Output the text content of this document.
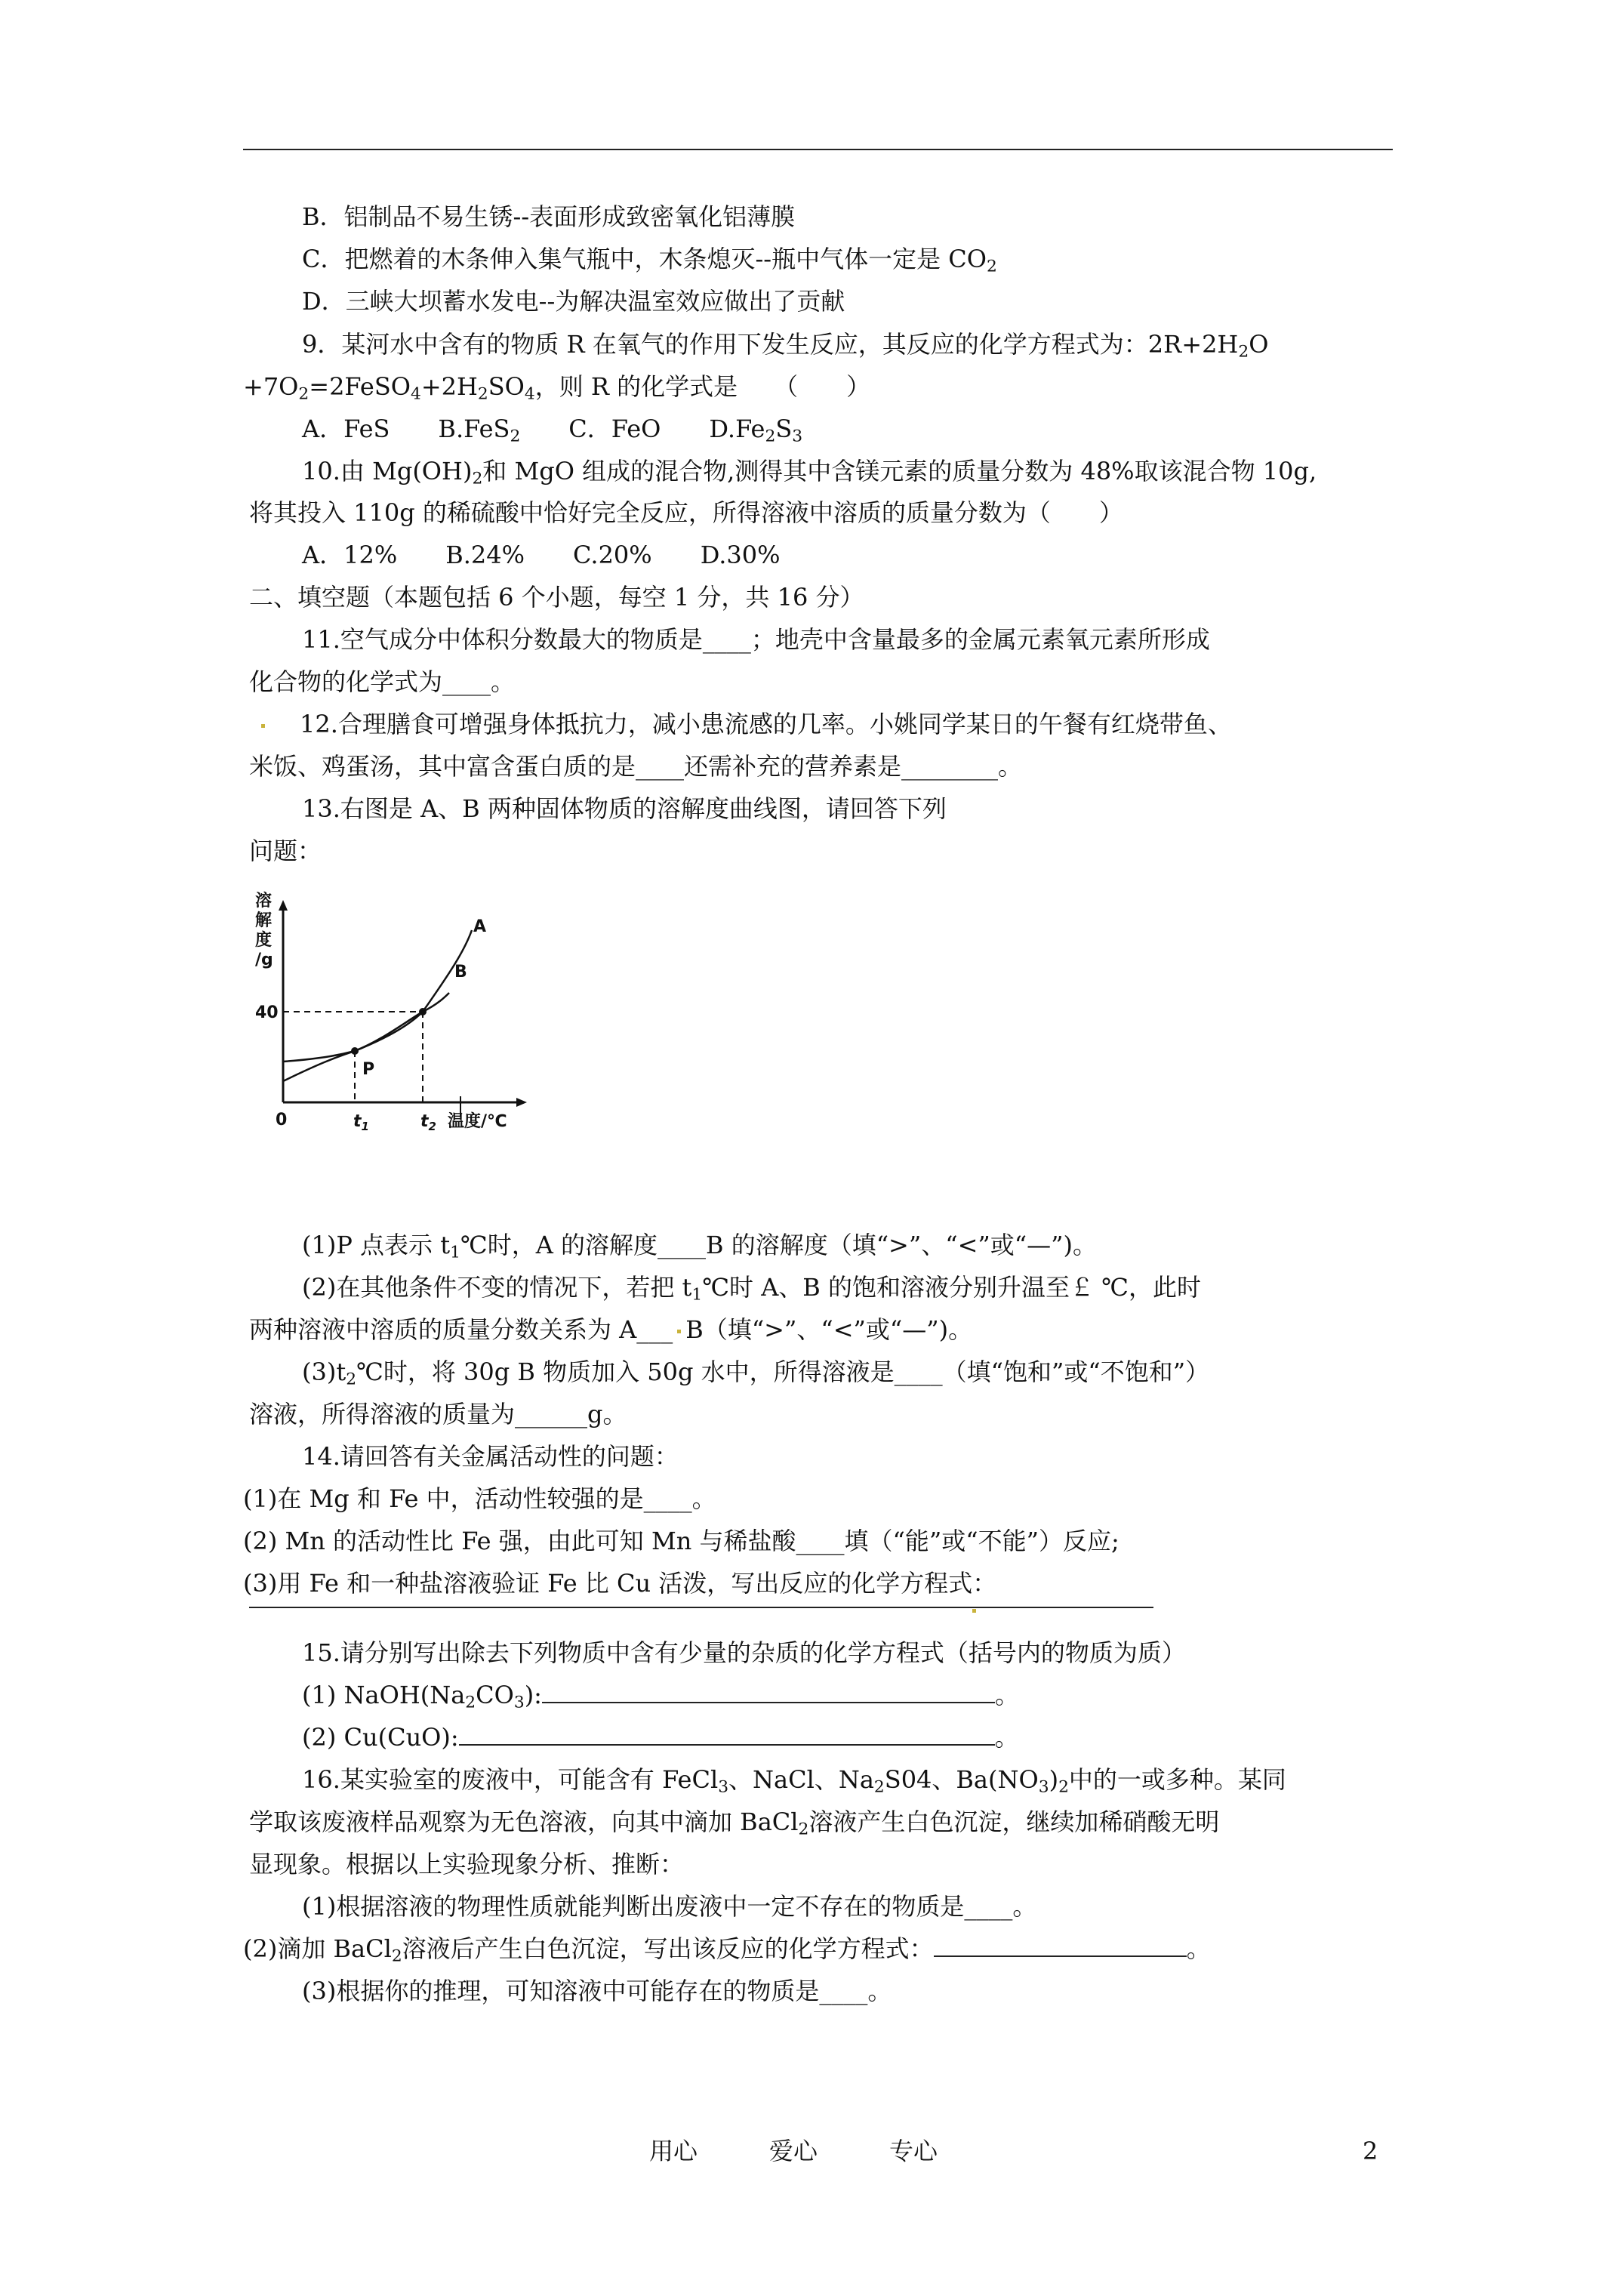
B．铝制品不易生锈--表面形成致密氧化铝薄膜
C．把燃着的木条伸入集气瓶中，木条熄灭--瓶中气体一定是 $CO_2$
D．三峡大坝蓄水发电--为解决温室效应做出了贡献
9．某河水中含有的物质 R 在氧气的作用下发生反应，其反应的化学方程式为：$2R+2H_2O$
$+7O_2=2FeSO_4+2H_2SO_4$，则 R 的化学式是　　（　　）
A．FeS　　B.FeS$_2$　　C．FeO　　$D.Fe_2S_3$
10.由 $Mg(OH)_2$和 MgO 组成的混合物,测得其中含镁元素的质量分数为 48%取该混合物 10g,
将其投入 110g 的稀硫酸中恰好完全反应，所得溶液中溶质的质量分数为（　　）
A．12%　　B.24%　　C.20%　　D.30%
二、填空题（本题包括 6 个小题，每空 1 分，共 16 分）
11.空气成分中体积分数最大的物质是____；地壳中含量最多的金属元素氧元素所形成
化合物的化学式为____。
12.合理膳食可增强身体抵抗力，减小患流感的几率。小姚同学某日的午餐有红烧带鱼、
米饭、鸡蛋汤，其中富含蛋白质的是____还需补充的营养素是________。
13.右图是 A、B 两种固体物质的溶解度曲线图，请回答下列
问题：
溶
解
度
/g
40
0	$t_1$	$t_2$ 温度/℃
A
B
P
(1)P 点表示 $t_1℃$时，A 的溶解度____B 的溶解度（填“>”、“<”或“—”)。
(2)在其他条件不变的情况下，若把 $t_1℃$时 A、B 的饱和溶液分别升温至￡ ℃，此时
两种溶液中溶质的质量分数关系为 A___ B（填“>”、“<”或“—”)。
$(3)t_2℃$时，将 30g B 物质加入 50g 水中，所得溶液是____（填“饱和”或“不饱和”）
溶液，所得溶液的质量为______g。
14.请回答有关金属活动性的问题：
(1)在 Mg 和 Fe 中，活动性较强的是____。
(2) Mn 的活动性比 Fe 强，由此可知 Mn 与稀盐酸____填（“能”或“不能”）反应;
(3)用 Fe 和一种盐溶液验证 Fe 比 Cu 活泼，写出反应的化学方程式：
15.请分别写出除去下列物质中含有少量的杂质的化学方程式（括号内的物质为质）
(1) $NaOH(Na_2CO_3)$:	。
(2) Cu(CuO):	。
16.某实验室的废液中，可能含有 FeCl$_3$、NaCl、$Na_2S04$、$Ba(NO_3)_2$中的一或多种。某同
学取该废液样品观察为无色溶液，向其中滴加 BaCl$_2$溶液产生白色沉淀，继续加稀硝酸无明
显现象。根据以上实验现象分析、推断：
(1)根据溶液的物理性质就能判断出废液中一定不存在的物质是____。
(2)滴加 BaCl$_2$溶液后产生白色沉淀，写出该反应的化学方程式：	。
(3)根据你的推理，可知溶液中可能存在的物质是____。
用心	爱心	专心	2
